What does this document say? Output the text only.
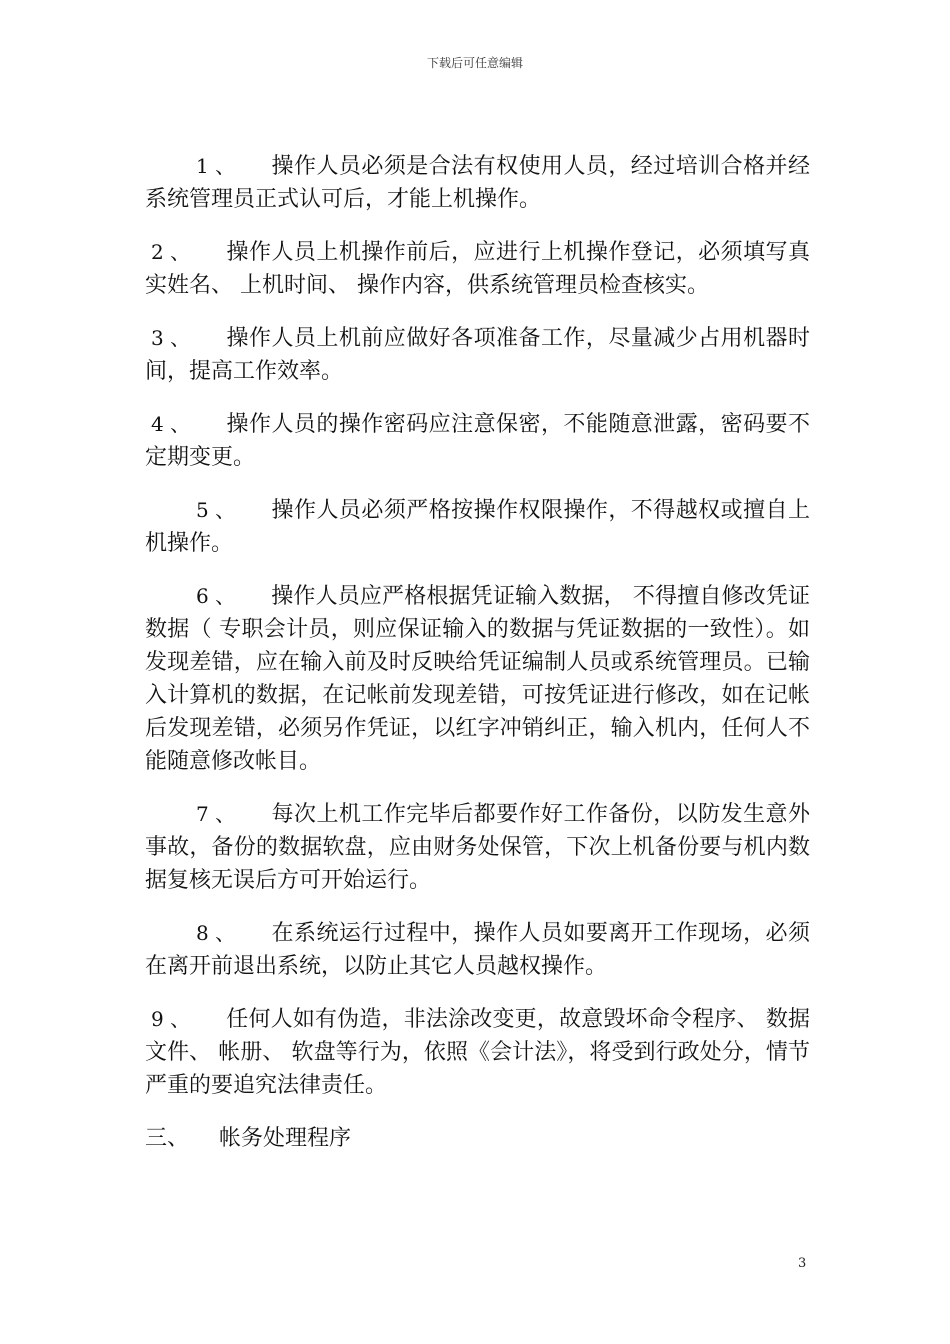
下载后可任意编辑

1 、 操作人员必须是合法有权使用人员，经过培训合格并经系统管理员正式认可后，才能上机操作。

2 、 操作人员上机操作前后，应进行上机操作登记，必须填写真实姓名、 上机时间、 操作内容，供系统管理员检查核实。

3 、 操作人员上机前应做好各项准备工作，尽量减少占用机器时间，提高工作效率。

4 、 操作人员的操作密码应注意保密，不能随意泄露，密码要不定期变更。

5 、 操作人员必须严格按操作权限操作，不得越权或擅自上机操作。

6 、 操作人员应严格根据凭证输入数据， 不得擅自修改凭证数据（ 专职会计员，则应保证输入的数据与凭证数据的一致性）。如发现差错，应在输入前及时反映给凭证编制人员或系统管理员。已输入计算机的数据，在记帐前发现差错，可按凭证进行修改，如在记帐后发现差错，必须另作凭证，以红字冲销纠正，输入机内，任何人不能随意修改帐目。

7 、 每次上机工作完毕后都要作好工作备份，以防发生意外事故，备份的数据软盘，应由财务处保管，下次上机备份要与机内数据复核无误后方可开始运行。

8 、 在系统运行过程中，操作人员如要离开工作现场，必须在离开前退出系统，以防止其它人员越权操作。

9 、 任何人如有伪造，非法涂改变更，故意毁坏命令程序、 数据文件、 帐册、 软盘等行为，依照《会计法》，将受到行政处分，情节严重的要追究法律责任。

三、 帐务处理程序
3
